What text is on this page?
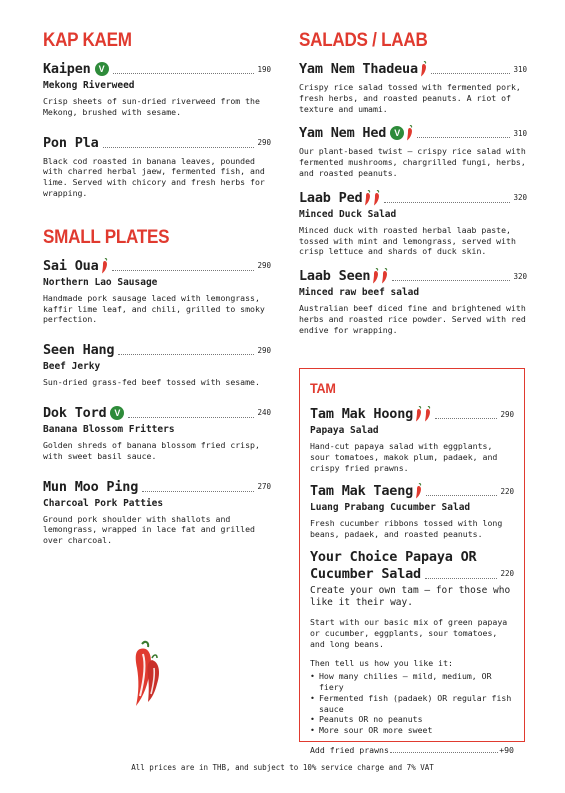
KAP KAEM
Kaipen V	190
Mekong Riverweed
Crisp sheets of sun-dried riverweed from the Mekong, brushed with sesame.
Pon Pla	290
Black cod roasted in banana leaves, pounded with charred herbal jaew, fermented fish, and lime. Served with chicory and fresh herbs for wrapping.
SMALL PLATES
Sai Oua	290
Northern Lao Sausage
Handmade pork sausage laced with lemongrass, kaffir lime leaf, and chili, grilled to smoky perfection.
Seen Hang	290
Beef Jerky
Sun-dried grass-fed beef tossed with sesame.
Dok Tord V	240
Banana Blossom Fritters
Golden shreds of banana blossom fried crisp, with sweet basil sauce.
Mun Moo Ping	270
Charcoal Pork Patties
Ground pork shoulder with shallots and lemongrass, wrapped in lace fat and grilled over charcoal.
SALADS / LAAB
Yam Nem Thadeua	310
Crispy rice salad tossed with fermented pork, fresh herbs, and roasted peanuts. A riot of texture and umami.
Yam Nem Hed V	310
Our plant-based twist — crispy rice salad with fermented mushrooms, chargrilled fungi, herbs, and roasted peanuts.
Laab Ped	320
Minced Duck Salad
Minced duck with roasted herbal laab paste, tossed with mint and lemongrass, served with crisp lettuce and shards of duck skin.
Laab Seen	320
Minced raw beef salad
Australian beef diced fine and brightened with herbs and roasted rice powder. Served with red endive for wrapping.
TAM
Tam Mak Hoong	290
Papaya Salad
Hand-cut papaya salad with eggplants, sour tomatoes, makok plum, padaek, and crispy fried prawns.
Tam Mak Taeng	220
Luang Prabang Cucumber Salad
Fresh cucumber ribbons tossed with long beans, padaek, and roasted peanuts.
Your Choice Papaya OR
Cucumber Salad	220
Create your own tam — for those who like it their way.
Start with our basic mix of green papaya or cucumber, eggplants, sour tomatoes, and long beans.
Then tell us how you like it:
• How many chilies — mild, medium, OR fiery
• Fermented fish (padaek) OR regular fish sauce
• Peanuts OR no peanuts
• More sour OR more sweet
Add fried prawns	+90
All prices are in THB, and subject to 10% service charge and 7% VAT
